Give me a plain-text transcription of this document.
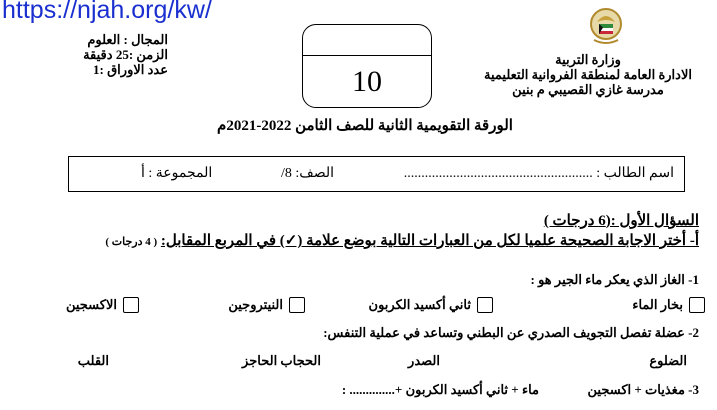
https://njah.org/kw/
المجال : العلوم
الزمن :25 دقيقة
عدد الاوراق :1	10
وزارة التربية
الادارة العامة لمنطقة الفروانية التعليمية
مدرسة غازي القصيبي م بنين
الورقة التقويمية الثانية للصف الثامن 2022-2021م
اسم الطالب : ......................................................
الصف: 8/
المجموعة : أ
السؤال الأول :(6 درجات )
أ- أختر الاجابة الصحيحة علميا لكل من العبارات التالية بوضع علامة (✓) في المربع المقابل: ( 4 درجات )
1- الغاز الذي يعكر ماء الجير هو :
بخار الماء
ثاني أكسيد الكربون
النيتروجين
الاكسجين
2- عضلة تفصل التجويف الصدري عن البطني وتساعد في عملية التنفس:
الضلوع
الصدر
الحجاب الحاجز
القلب
3- مغذيات + اكسجين
ماء + ثاني أكسيد الكربون +.............. :
